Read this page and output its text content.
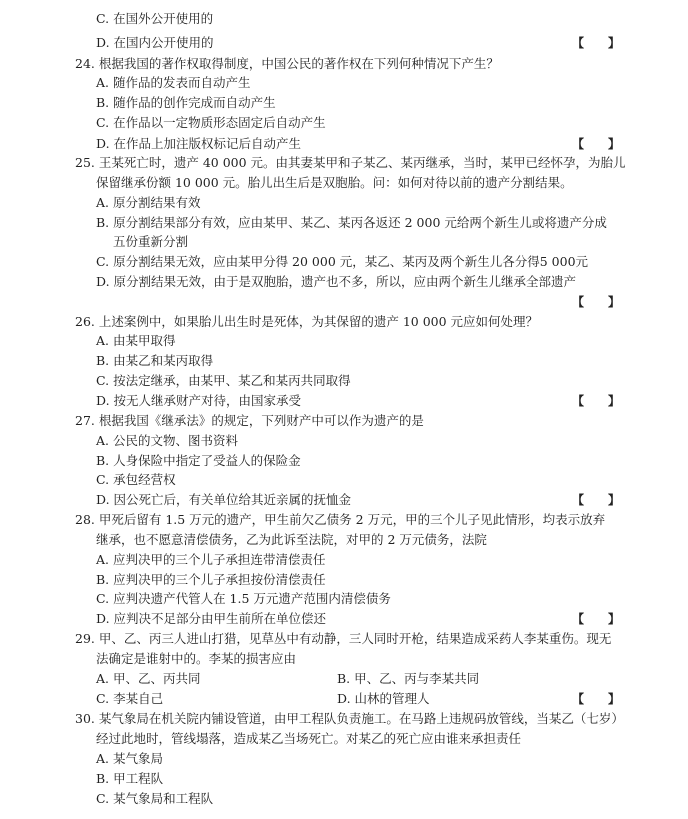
C. 在国外公开使用的
D. 在国内公开使用的	【　　】
24. 根据我国的著作权取得制度，中国公民的著作权在下列何种情况下产生？
A. 随作品的发表而自动产生
B. 随作品的创作完成而自动产生
C. 在作品以一定物质形态固定后自动产生
D. 在作品上加注版权标记后自动产生	【　　】
25. 王某死亡时，遗产 40 000 元。由其妻某甲和子某乙、某丙继承，当时，某甲已经怀孕，为胎儿
保留继承份额 10 000 元。胎儿出生后是双胞胎。问：如何对待以前的遗产分割结果。
A. 原分割结果有效
B. 原分割结果部分有效，应由某甲、某乙、某丙各返还 2 000 元给两个新生儿或将遗产分成
五份重新分割
C. 原分割结果无效，应由某甲分得 20 000 元，某乙、某丙及两个新生儿各分得5 000元
D. 原分割结果无效，由于是双胞胎，遗产也不多，所以，应由两个新生儿继承全部遗产
【　　】
26. 上述案例中，如果胎儿出生时是死体，为其保留的遗产 10 000 元应如何处理？
A. 由某甲取得
B. 由某乙和某丙取得
C. 按法定继承，由某甲、某乙和某丙共同取得
D. 按无人继承财产对待，由国家承受	【　　】
27. 根据我国《继承法》的规定，下列财产中可以作为遗产的是
A. 公民的文物、图书资料
B. 人身保险中指定了受益人的保险金
C. 承包经营权
D. 因公死亡后，有关单位给其近亲属的抚恤金	【　　】
28. 甲死后留有 1.5 万元的遗产，甲生前欠乙债务 2 万元，甲的三个儿子见此情形，均表示放弃
继承，也不愿意清偿债务，乙为此诉至法院，对甲的 2 万元债务，法院
A. 应判决甲的三个儿子承担连带清偿责任
B. 应判决甲的三个儿子承担按份清偿责任
C. 应判决遗产代管人在 1.5 万元遗产范围内清偿债务
D. 应判决不足部分由甲生前所在单位偿还	【　　】
29. 甲、乙、丙三人进山打猎，见草丛中有动静，三人同时开枪，结果造成采药人李某重伤。现无
法确定是谁射中的。李某的损害应由
A. 甲、乙、丙共同	B. 甲、乙、丙与李某共同
C. 李某自己	D. 山林的管理人	【　　】
30. 某气象局在机关院内铺设管道，由甲工程队负责施工。在马路上违规码放管线，当某乙（七岁）
经过此地时，管线塌落，造成某乙当场死亡。对某乙的死亡应由谁来承担责任
A. 某气象局
B. 甲工程队
C. 某气象局和工程队
